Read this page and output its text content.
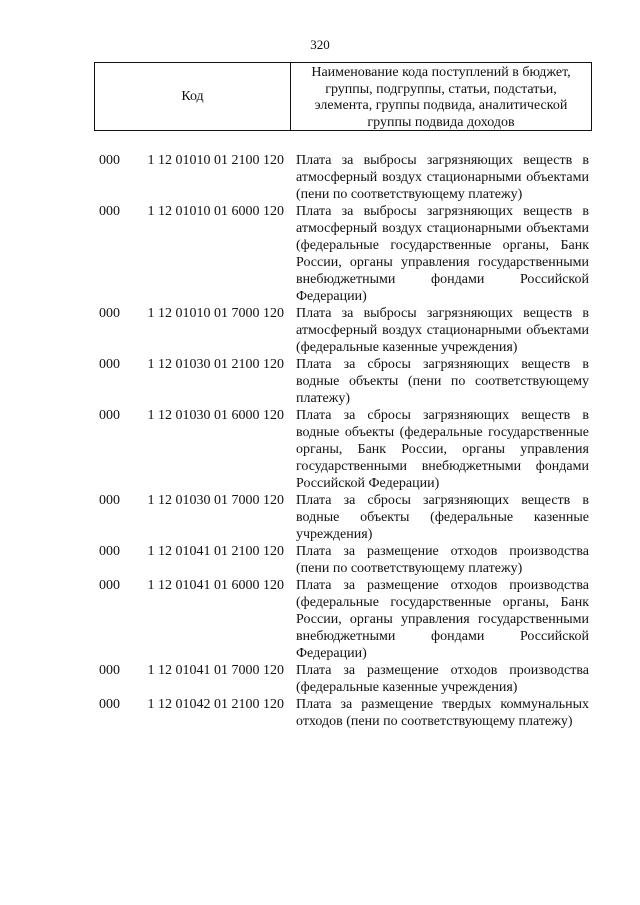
320
Код
Наименование кода поступлений в бюджет, группы, подгруппы, статьи, подстатьи, элемента, группы подвида, аналитической группы подвида доходов
000	1 12 01010 01 2100 120 Плата за выбросы загрязняющих веществ в атмосферный воздух стационарными объектами (пени по соответствующему платежу)
000	1 12 01010 01 6000 120 Плата за выбросы загрязняющих веществ в атмосферный воздух стационарными объектами (федеральные государственные органы, Банк России, органы управления государственными внебюджетными фондами Российской Федерации)
000	1 12 01010 01 7000 120 Плата за выбросы загрязняющих веществ в атмосферный воздух стационарными объектами (федеральные казенные учреждения)
000	1 12 01030 01 2100 120 Плата за сбросы загрязняющих веществ в водные объекты (пени по соответствующему платежу)
000	1 12 01030 01 6000 120 Плата за сбросы загрязняющих веществ в водные объекты (федеральные государственные органы, Банк России, органы управления государственными внебюджетными фондами Российской Федерации)
000	1 12 01030 01 7000 120 Плата за сбросы загрязняющих веществ в водные объекты (федеральные казенные учреждения)
000	1 12 01041 01 2100 120 Плата за размещение отходов производства (пени по соответствующему платежу)
000	1 12 01041 01 6000 120 Плата за размещение отходов производства (федеральные государственные органы, Банк России, органы управления государственными внебюджетными фондами Российской Федерации)
000	1 12 01041 01 7000 120 Плата за размещение отходов производства (федеральные казенные учреждения)
000	1 12 01042 01 2100 120 Плата за размещение твердых коммунальных отходов (пени по соответствующему платежу)
